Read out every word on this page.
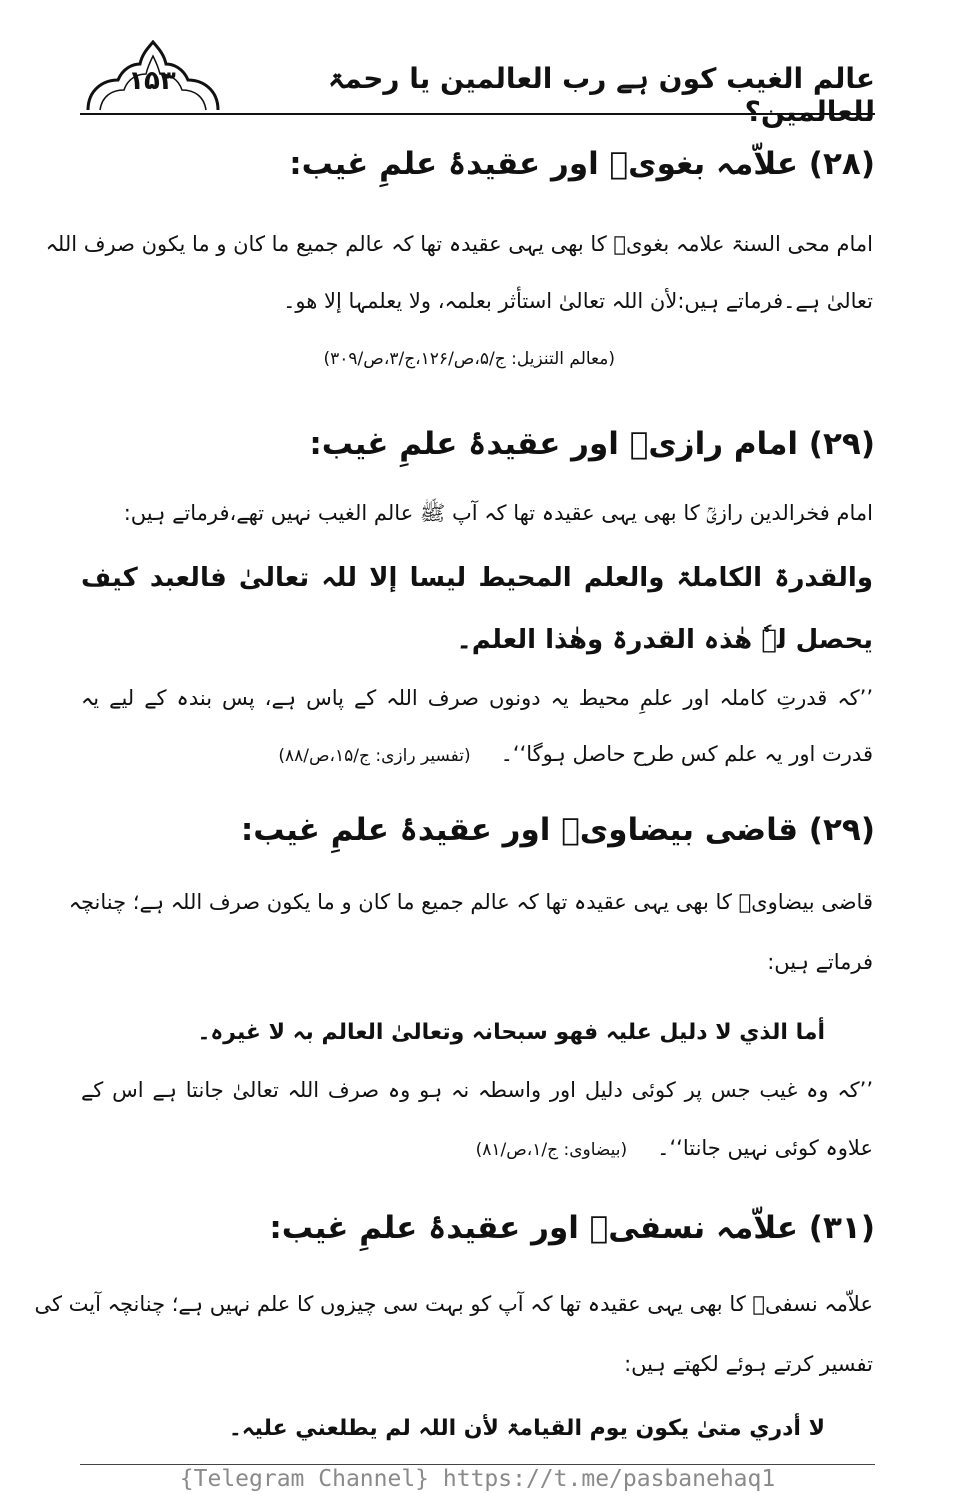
۱۵۳	عالم الغیب کون ہے رب العالمین یا رحمۃ للعالمین؟
(۲۸) علاّمہ بغویؒ اور عقیدۂ علمِ غیب:
امام محی السنۃ علامہ بغویؒ کا بھی یہی عقیدہ تھا کہ عالم جمیع ما کان و ما یکون صرف اللہ
تعالیٰ ہے۔فرماتے ہیں:لأن اللہ تعالیٰ استأثر بعلمہ، ولا یعلمہا إلا ھو۔
(معالم التنزیل: ج/۵،ص/۱۲۶،ج/۳،ص/۳۰۹)
(۲۹) امام رازیؒ اور عقیدۂ علمِ غیب:
امام فخرالدین رازیؒ کا بھی یہی عقیدہ تھا کہ آپ ﷺ عالم الغیب نہیں تھے،فرماتے ہیں:
والقدرۃ الکاملۃ والعلم المحیط لیسا إلا للہ تعالیٰ فالعبد کیف
یحصل لہٗ ھٰذہ القدرۃ وھٰذا العلم۔
’’کہ قدرتِ کاملہ اور علمِ محیط یہ دونوں صرف اللہ کے پاس ہے، پس بندہ کے لیے یہ
قدرت اور یہ علم کس طرح حاصل ہوگا‘‘۔(تفسیر رازی: ج/۱۵،ص/۸۸)
(۲۹) قاضی بیضاویؒ اور عقیدۂ علمِ غیب:
قاضی بیضاویؒ کا بھی یہی عقیدہ تھا کہ عالم جمیع ما کان و ما یکون صرف اللہ ہے؛ چنانچہ
فرماتے ہیں:
أما الذي لا دلیل علیہ فھو سبحانہ وتعالیٰ العالم بہ لا غیرہ۔
’’کہ وہ غیب جس پر کوئی دلیل اور واسطہ نہ ہو وہ صرف اللہ تعالیٰ جانتا ہے اس کے
علاوہ کوئی نہیں جانتا‘‘۔(بیضاوی: ج/۱،ص/۸۱)
(۳۱) علاّمہ نسفیؒ اور عقیدۂ علمِ غیب:
علاّمہ نسفیؒ کا بھی یہی عقیدہ تھا کہ آپ کو بہت سی چیزوں کا علم نہیں ہے؛ چنانچہ آیت کی
تفسیر کرتے ہوئے لکھتے ہیں:
لا أدري متیٰ یکون یوم القیامۃ لأن اللہ لم یطلعني علیہ۔
{Telegram Channel} https://t.me/pasbanehaq1
